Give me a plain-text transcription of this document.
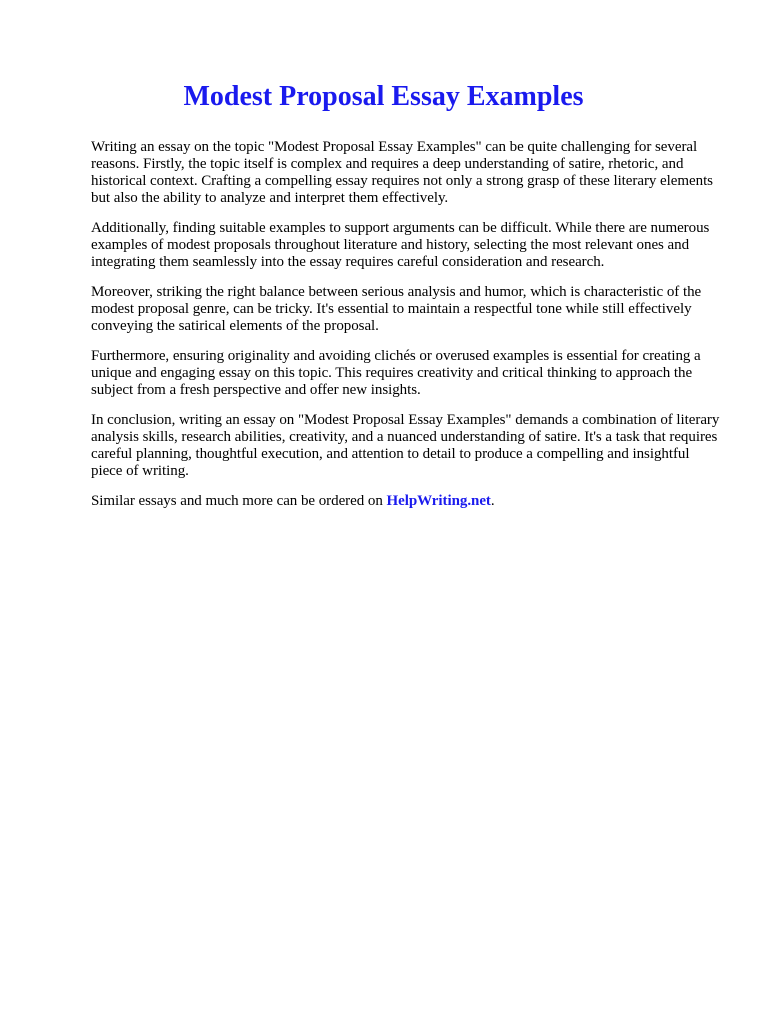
Modest Proposal Essay Examples

Writing an essay on the topic "Modest Proposal Essay Examples" can be quite challenging for several reasons. Firstly, the topic itself is complex and requires a deep understanding of satire, rhetoric, and historical context. Crafting a compelling essay requires not only a strong grasp of these literary elements but also the ability to analyze and interpret them effectively.

Additionally, finding suitable examples to support arguments can be difficult. While there are numerous examples of modest proposals throughout literature and history, selecting the most relevant ones and integrating them seamlessly into the essay requires careful consideration and research.

Moreover, striking the right balance between serious analysis and humor, which is characteristic of the modest proposal genre, can be tricky. It's essential to maintain a respectful tone while still effectively conveying the satirical elements of the proposal.

Furthermore, ensuring originality and avoiding clichés or overused examples is essential for creating a unique and engaging essay on this topic. This requires creativity and critical thinking to approach the subject from a fresh perspective and offer new insights.

In conclusion, writing an essay on "Modest Proposal Essay Examples" demands a combination of literary analysis skills, research abilities, creativity, and a nuanced understanding of satire. It's a task that requires careful planning, thoughtful execution, and attention to detail to produce a compelling and insightful piece of writing.

Similar essays and much more can be ordered on HelpWriting.net.
